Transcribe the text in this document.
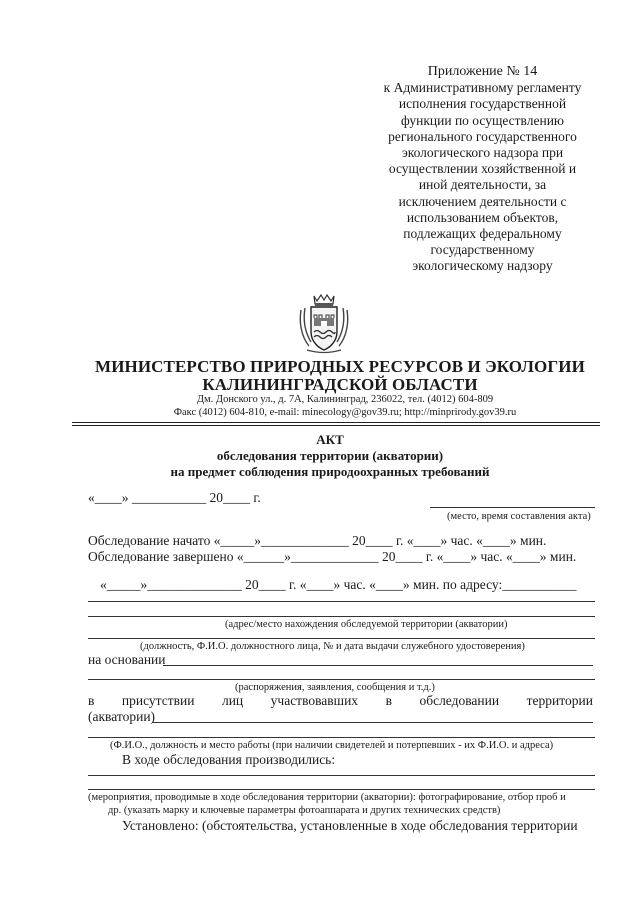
Приложение № 14
к Административному регламенту
исполнения государственной
функции по осуществлению
регионального государственного
экологического надзора при
осуществлении хозяйственной и
иной деятельности, за
исключением деятельности с
использованием объектов,
подлежащих федеральному
государственному
экологическому надзору
МИНИСТЕРСТВО ПРИРОДНЫХ РЕСУРСОВ И ЭКОЛОГИИ
КАЛИНИНГРАДСКОЙ ОБЛАСТИ
Дм. Донского ул., д. 7А, Калининград, 236022, тел. (4012) 604-809
Факс (4012) 604-810, e-mail: minecology@gov39.ru; http://minprirody.gov39.ru
АКТ
обследования территории (акватории)
на предмет соблюдения природоохранных требований
«____» ___________ 20____ г.
(место, время составления акта)
Обследование начато «_____»_____________ 20____ г. «____» час. «____» мин.
Обследование завершено «______»_____________ 20____ г. «____» час. «____» мин.
«_____»______________ 20____ г. «____» час. «____» мин. по адресу:___________
(адрес/место нахождения обследуемой территории (акватории)
(должность, Ф.И.О. должностного лица, № и дата выдачи служебного удостоверения)
на основании
(распоряжения, заявления, сообщения и т.д.)
в присутствии лиц участвовавших в обследовании территории
(акватории)
(Ф.И.О., должность и место работы (при наличии свидетелей и потерпевших - их Ф.И.О. и адреса)
В ходе обследования производились:
(мероприятия, проводимые в ходе обследования территории (акватории): фотографирование, отбор проб и
др. (указать марку и ключевые параметры фотоаппарата и других технических средств)
Установлено: (обстоятельства, установленные в ходе обследования территории
